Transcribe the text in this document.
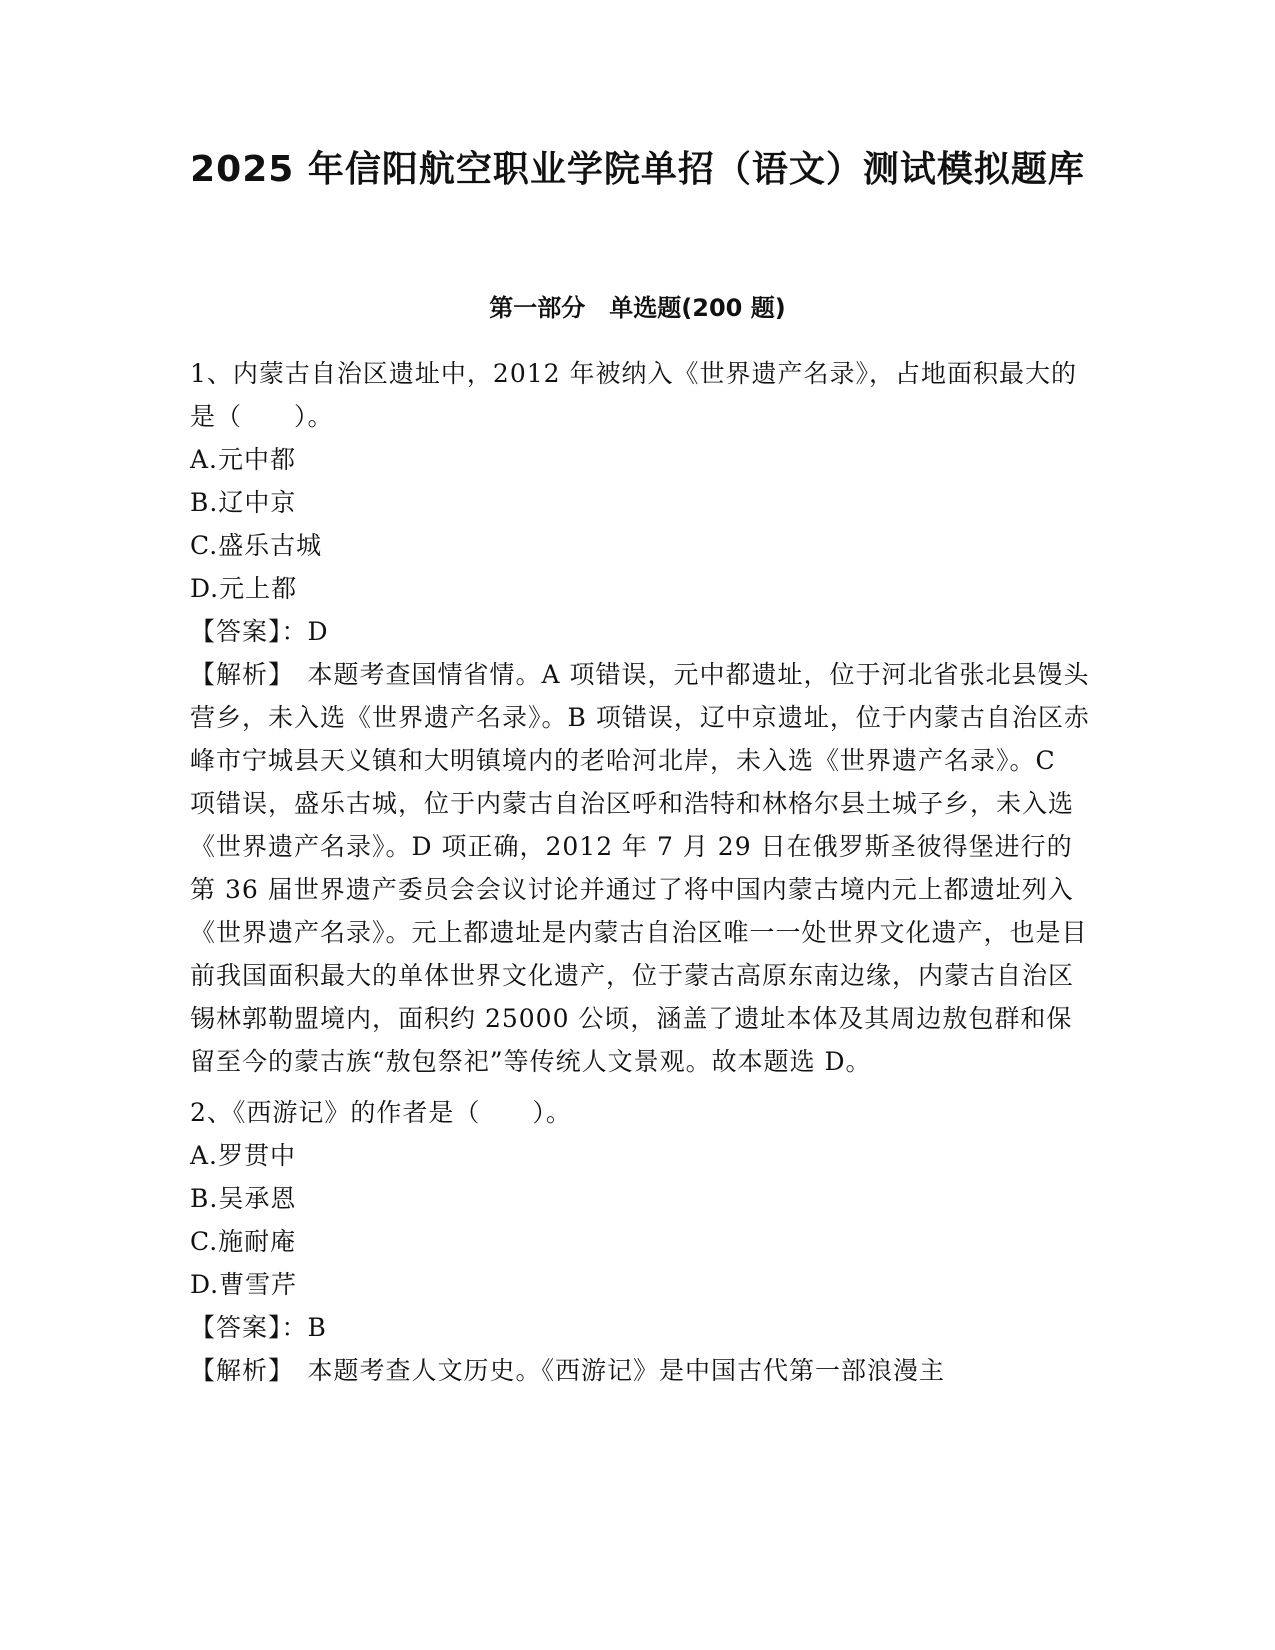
2025 年信阳航空职业学院单招（语文）测试模拟题库
第一部分　单选题(200 题)

1、内蒙古自治区遗址中，2012 年被纳入《世界遗产名录》，占地面积最大的是（　　）。

A.元中都

B.辽中京

C.盛乐古城

D.元上都

【答案】：D

【解析】　本题考查国情省情。A 项错误，元中都遗址，位于河北省张北县馒头营乡，未入选《世界遗产名录》。B 项错误，辽中京遗址，位于内蒙古自治区赤峰市宁城县天义镇和大明镇境内的老哈河北岸，未入选《世界遗产名录》。C 项错误，盛乐古城，位于内蒙古自治区呼和浩特和林格尔县土城子乡，未入选《世界遗产名录》。D 项正确，2012 年 7 月 29 日在俄罗斯圣彼得堡进行的第 36 届世界遗产委员会会议讨论并通过了将中国内蒙古境内元上都遗址列入《世界遗产名录》。元上都遗址是内蒙古自治区唯一一处世界文化遗产，也是目前我国面积最大的单体世界文化遗产，位于蒙古高原东南边缘，内蒙古自治区锡林郭勒盟境内，面积约 25000 公顷，涵盖了遗址本体及其周边敖包群和保留至今的蒙古族“敖包祭祀”等传统人文景观。故本题选 D。

2、《西游记》的作者是（　　）。

A.罗贯中

B.吴承恩

C.施耐庵

D.曹雪芹

【答案】：B

【解析】　本题考查人文历史。《西游记》是中国古代第一部浪漫主
